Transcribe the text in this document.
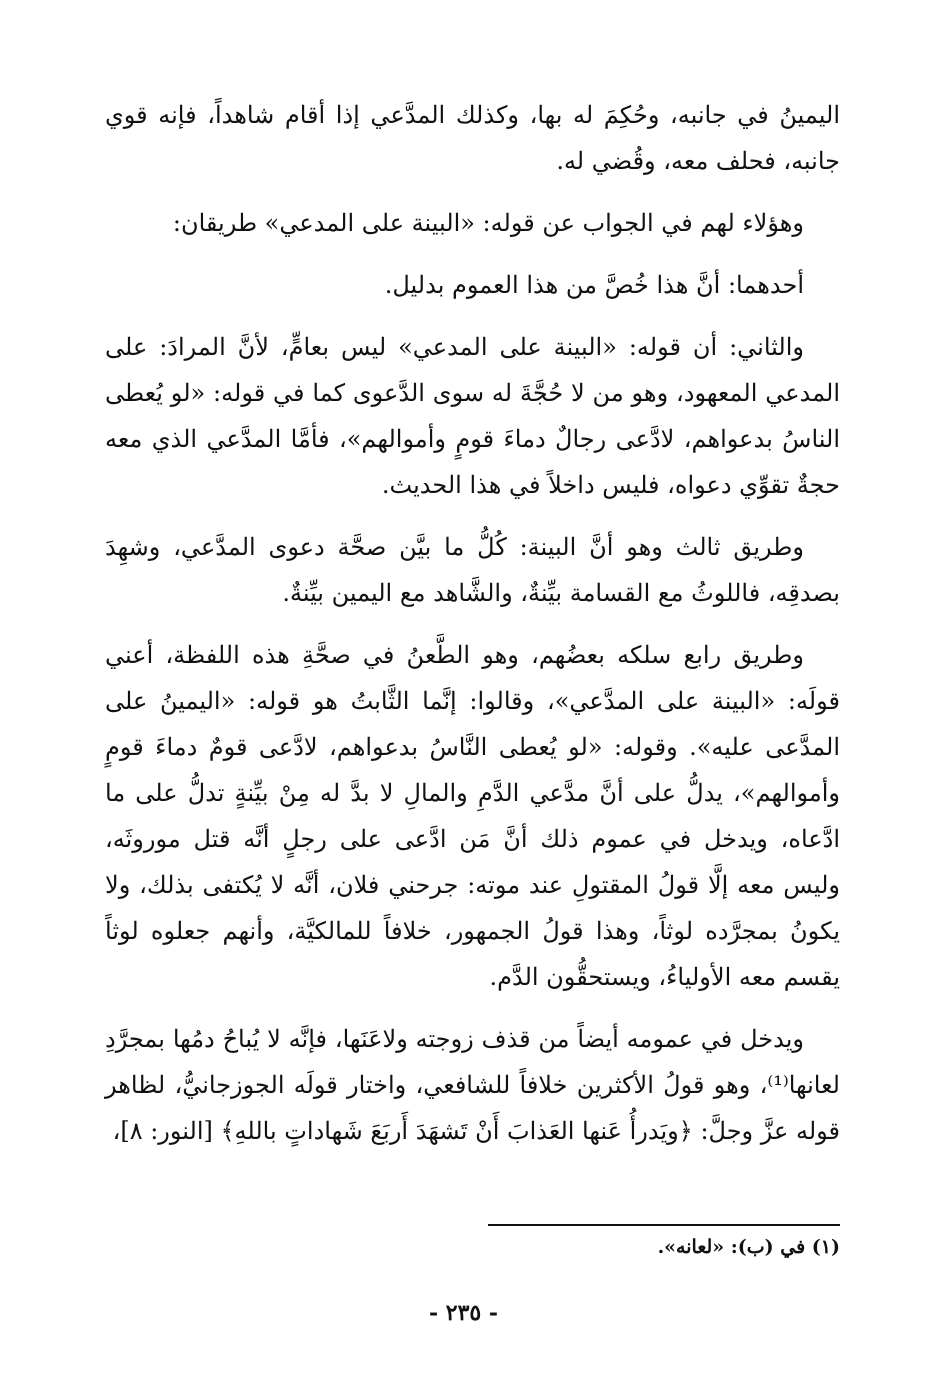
اليمينُ في جانبه، وحُكِمَ له بها، وكذلك المدَّعي إذا أقام شاهداً، فإنه قوي جانبه، فحلف معه، وقُضي له.

وهؤلاء لهم في الجواب عن قوله: «البينة على المدعي» طريقان:

أحدهما: أنَّ هذا خُصَّ من هذا العموم بدليل.

والثاني: أن قوله: «البينة على المدعي» ليس بعامٍّ، لأنَّ المرادَ: على المدعي المعهود، وهو من لا حُجَّةَ له سوى الدَّعوى كما في قوله: «لو يُعطى الناسُ بدعواهم، لادَّعى رجالٌ دماءَ قومٍ وأموالهم»، فأمَّا المدَّعي الذي معه حجةٌ تقوِّي دعواه، فليس داخلاً في هذا الحديث.

وطريق ثالث وهو أنَّ البينة: كُلُّ ما بيَّن صحَّة دعوى المدَّعي، وشهِدَ بصدقِه، فاللوثُ مع القسامة بيِّنةٌ، والشَّاهد مع اليمين بيِّنةٌ.

وطريق رابع سلكه بعضُهم، وهو الطَّعنُ في صحَّةِ هذه اللفظة، أعني قولَه: «البينة على المدَّعي»، وقالوا: إنَّما الثَّابتُ هو قوله: «اليمينُ على المدَّعى عليه». وقوله: «لو يُعطى النَّاسُ بدعواهم، لادَّعى قومٌ دماءَ قومٍ وأموالهم»، يدلُّ على أنَّ مدَّعي الدَّمِ والمالِ لا بدَّ له مِنْ بيِّنةٍ تدلُّ على ما ادَّعاه، ويدخل في عموم ذلك أنَّ مَن ادَّعى على رجلٍ أنَّه قتل موروثَه، وليس معه إلَّا قولُ المقتولِ عند موته: جرحني فلان، أنَّه لا يُكتفى بذلك، ولا يكونُ بمجرَّده لوثاً، وهذا قولُ الجمهور، خلافاً للمالكيَّة، وأنهم جعلوه لوثاً يقسم معه الأولياءُ، ويستحقُّون الدَّم.

ويدخل في عمومه أيضاً من قذف زوجته ولاعَنَها، فإنَّه لا يُباحُ دمُها بمجرَّدِ لعانها⁽¹⁾، وهو قولُ الأكثرين خلافاً للشافعي، واختار قولَه الجوزجانيُّ، لظاهر قوله عزَّ وجلَّ: ﴿ويَدرأُ عَنها العَذابَ أَنْ تَشهَدَ أَربَعَ شَهاداتٍ باللهِ﴾ [النور: ٨]،

(١) في (ب): «لعانه».
- ٢٣٥ -
